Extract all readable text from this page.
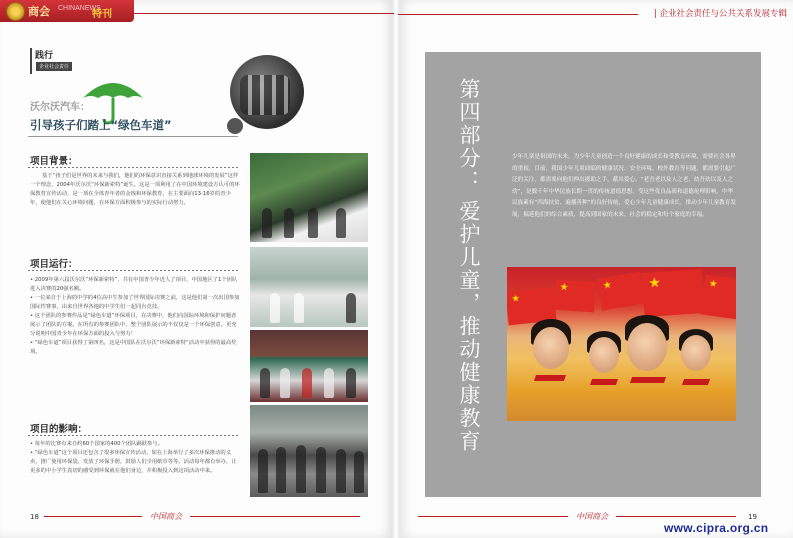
商会 CHINANEWS
特刊	| 企业社会责任与公共关系发展专辑
践行
企业社会责任
沃尔沃汽车：
引导孩子们踏上“绿色车道”
项目背景：

基于“孩子们是世界的未来与我们，他们的环保意识直接关系到地球环境的发展”这样一个理念，2004年沃尔沃“环保新索特”诞生。这是一项利用了在中国环境建设方认可的环保教育宣传活动，是一项在全体青年者的金钱和环保教育，在主要面向13-16岁的青少年，使他们在关心环境问题，在环保方面积极参与的实际行动努力。

项目运行：

• 2009年第六届沃尔沃“环保新索特”，共有中国青少年近人了项目，中国地区了1个团队进入决赛的20强名额。

• 一位来自于上海的中学的4位高中生参加了世界国际决赛之前，这是他们第一次出国参加国际性赛事，由来自世界各地的中学生们一起同台竞技。

• 这个团队的参赛作品是“绿色车道”环保项目，在决赛中，他们向国际环境和保护问题者展示了团队的方案。在所有的参赛团队中，整个团队展示的不仅仅是一个环保创意，更充分说明中国青少年在环保方面的投入与努力！

• “绿色车道”项目获得了第四名，这是中国队在沃尔沃“环保新索特”活动中获得的最高奖项。

项目的影响：

• 每年的比赛有来自约60个国家的400个团队踊跃参与。

• “绿色车道”这个项目还包含了很多环保宣传活动，如在上海举行了多次环保推动的义卖，推广使用环保袋，发放了环保手册，鼓励人们少用纸巾等等。活动每年都有举办，让更多的中小学生真切的感受到环保就在他们身边，并积极投入到这项活动中来。

18	中国商会
第四部分：
爱护儿童，推动健康教育
少年儿童是祖国的未来。为少年儿童创造一个良好健康的成长和受教育环境，需要社会各界的重视。目前，我国少年儿童面临的健康状况、安全环境、校外教育等问题，都需要引起广泛的关注，都需要向他们伸出援助之手，献出爱心。“老吾老以及人之老，幼吾幼以及人之幼”，是数千年中华民族长期一贯的传统道德思想。受这些优良品质和道德伦理影响，中华民族素有“四海扶贫、遍播善种”的良好传统，爱心少年儿童健康成长，推动少年儿童教育发展，搞延他们的综合素质，提高到国家的未来，社会的稳定和每个家庭的幸福。
★
★	★ ★	★
中国商会	19
www.cipra.org.cn
